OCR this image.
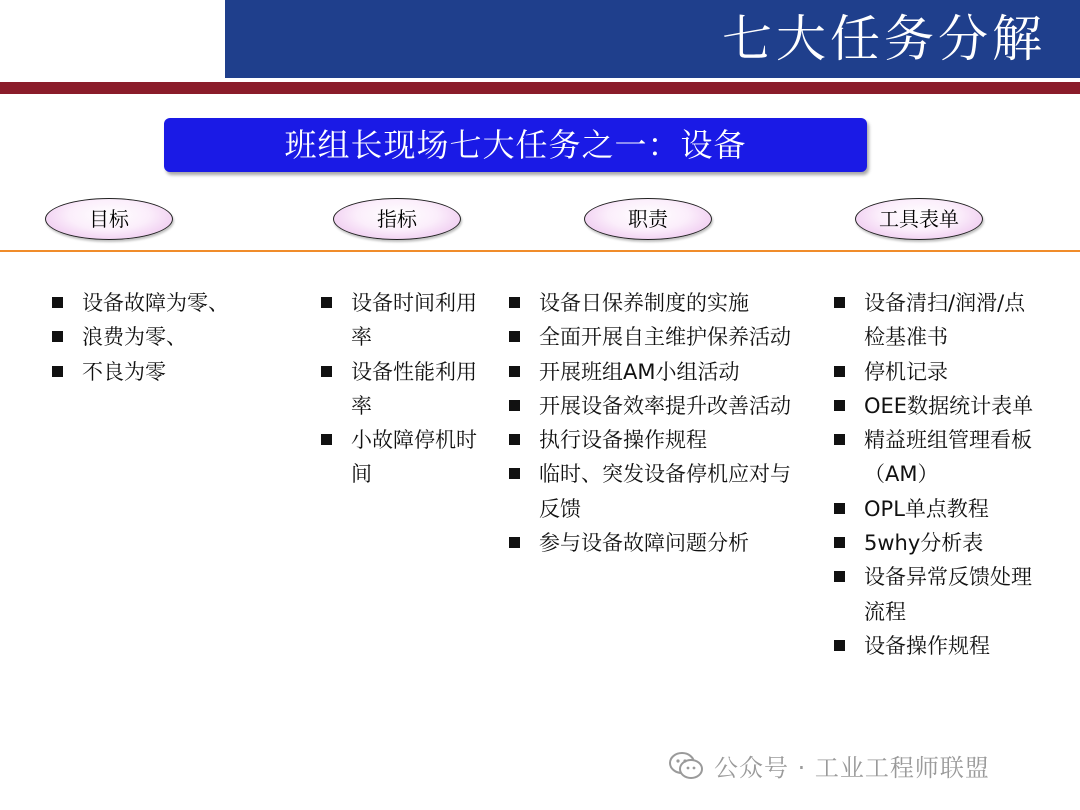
七大任务分解
班组长现场七大任务之一：设备
目标	指标	职责	工具表单
设备故障为零、
浪费为零、
不良为零
设备时间利用率
设备性能利用率
小故障停机时间
设备日保养制度的实施
全面开展自主维护保养活动
开展班组AM小组活动
开展设备效率提升改善活动
执行设备操作规程
临时、突发设备停机应对与反馈
参与设备故障问题分析
设备清扫/润滑/点检基准书
停机记录
OEE数据统计表单
精益班组管理看板（AM）
OPL单点教程
5why分析表
设备异常反馈处理流程
设备操作规程
公众号 · 工业工程师联盟
